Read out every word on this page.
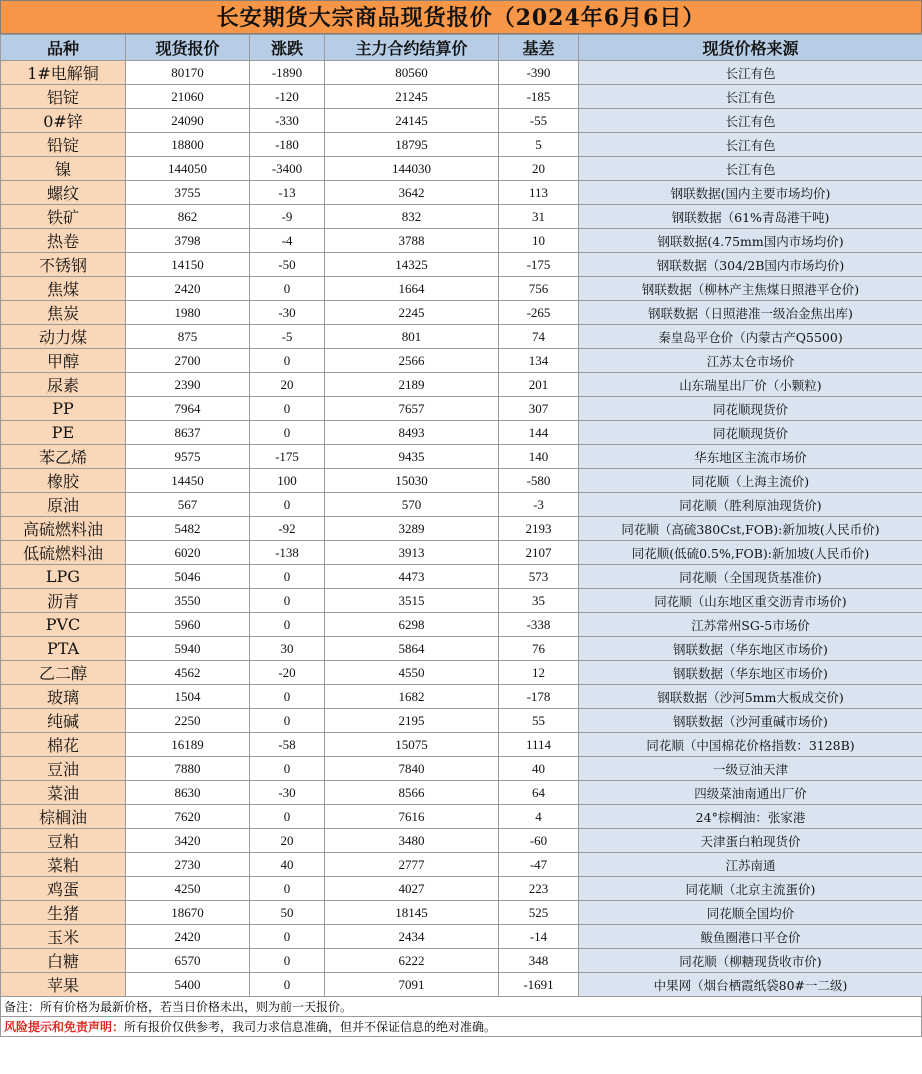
长安期货大宗商品现货报价（2024年6月6日）
品种	现货报价	涨跌	主力合约结算价	基差	现货价格来源
1#电解铜	80170	-1890	80560	-390	长江有色
铝锭	21060	-120	21245	-185	长江有色
0#锌	24090	-330	24145	-55	长江有色
铅锭	18800	-180	18795	5	长江有色
镍	144050	-3400	144030	20	长江有色
螺纹	3755	-13	3642	113	钢联数据(国内主要市场均价)
铁矿	862	-9	832	31	钢联数据（61%青岛港干吨)
热卷	3798	-4	3788	10	钢联数据(4.75mm国内市场均价)
不锈钢	14150	-50	14325	-175	钢联数据（304/2B国内市场均价)
焦煤	2420	0	1664	756	钢联数据（柳林产主焦煤日照港平仓价)
焦炭	1980	-30	2245	-265	钢联数据（日照港准一级冶金焦出库)
动力煤	875	-5	801	74	秦皇岛平仓价（内蒙古产Q5500)
甲醇	2700	0	2566	134	江苏太仓市场价
尿素	2390	20	2189	201	山东瑞星出厂价（小颗粒)
PP	7964	0	7657	307	同花顺现货价
PE	8637	0	8493	144	同花顺现货价
苯乙烯	9575	-175	9435	140	华东地区主流市场价
橡胶	14450	100	15030	-580	同花顺（上海主流价)
原油	567	0	570	-3	同花顺（胜利原油现货价)
高硫燃料油	5482	-92	3289	2193	同花顺（高硫380Cst,FOB):新加坡(人民币价)
低硫燃料油	6020	-138	3913	2107	同花顺(低硫0.5%,FOB):新加坡(人民币价)
LPG	5046	0	4473	573	同花顺（全国现货基准价)
沥青	3550	0	3515	35	同花顺（山东地区重交沥青市场价)
PVC	5960	0	6298	-338	江苏常州SG-5市场价
PTA	5940	30	5864	76	钢联数据（华东地区市场价)
乙二醇	4562	-20	4550	12	钢联数据（华东地区市场价)
玻璃	1504	0	1682	-178	钢联数据（沙河5mm大板成交价)
纯碱	2250	0	2195	55	钢联数据（沙河重碱市场价)
棉花	16189	-58	15075	1114	同花顺（中国棉花价格指数：3128B)
豆油	7880	0	7840	40	一级豆油天津
菜油	8630	-30	8566	64	四级菜油南通出厂价
棕榈油	7620	0	7616	4	24°棕榈油：张家港
豆粕	3420	20	3480	-60	天津蛋白粕现货价
菜粕	2730	40	2777	-47	江苏南通
鸡蛋	4250	0	4027	223	同花顺（北京主流蛋价)
生猪	18670	50	18145	525	同花顺全国均价
玉米	2420	0	2434	-14	鲅鱼圈港口平仓价
白糖	6570	0	6222	348	同花顺（柳糖现货收市价)
苹果	5400	0	7091	-1691	中果网（烟台栖霞纸袋80#一二级)
备注：所有价格为最新价格，若当日价格未出，则为前一天报价。
风险提示和免责声明：所有报价仅供参考，我司力求信息准确，但并不保证信息的绝对准确。
